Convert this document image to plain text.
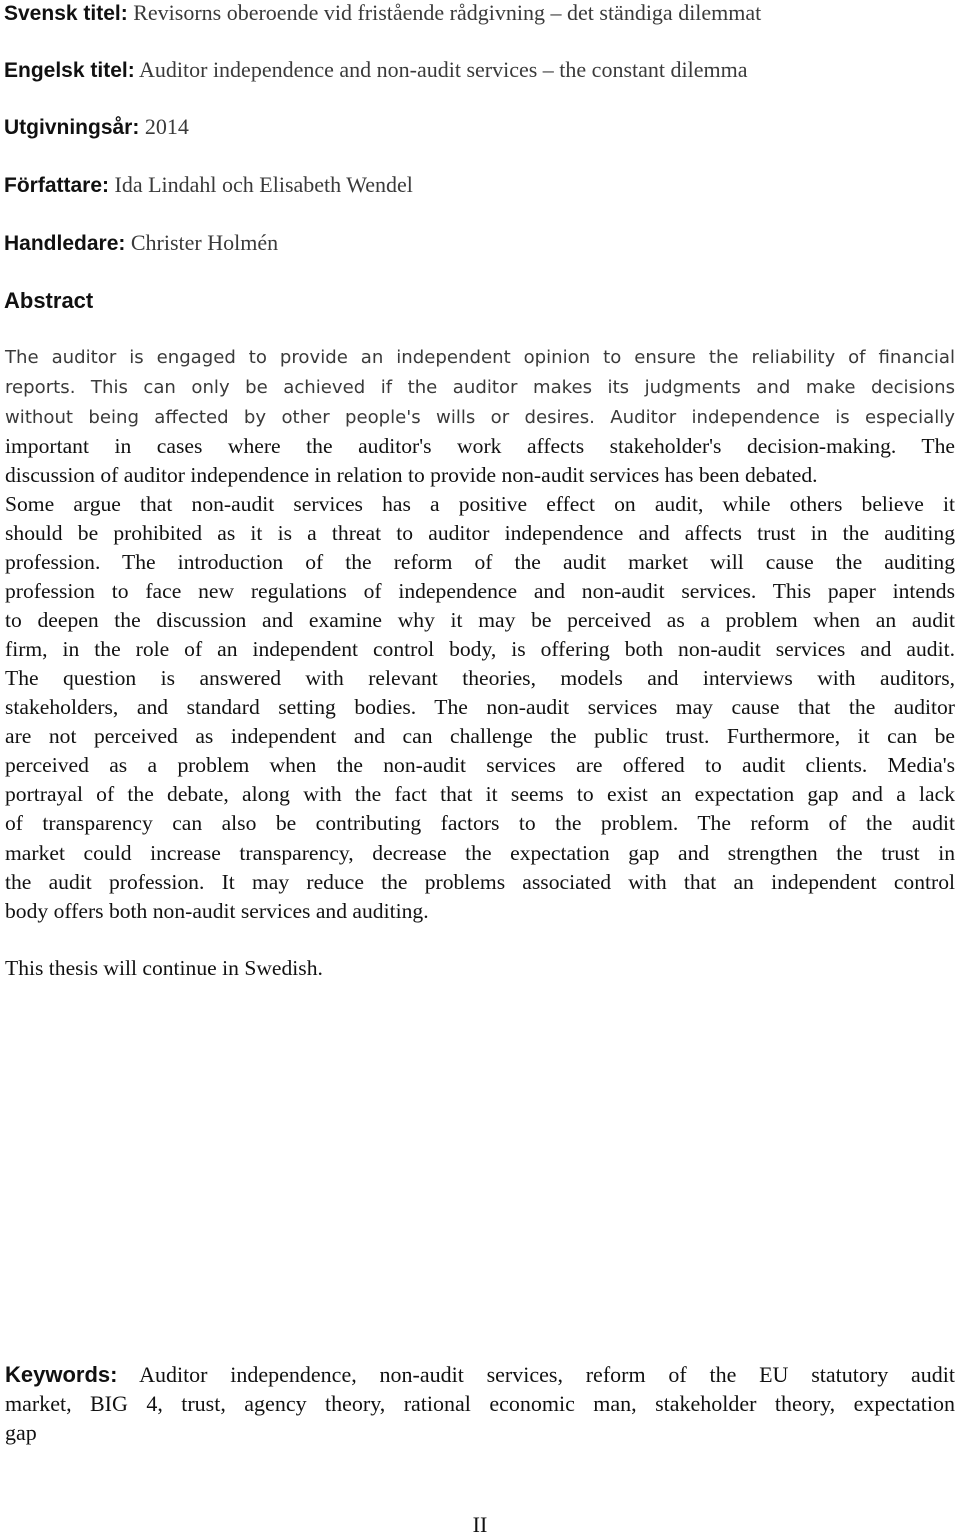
Svensk titel: Revisorns oberoende vid fristående rådgivning – det ständiga dilemmat
Engelsk titel: Auditor independence and non-audit services – the constant dilemma
Utgivningsår: 2014
Författare: Ida Lindahl och Elisabeth Wendel
Handledare: Christer Holmén
Abstract
The auditor is engaged to provide an independent opinion to ensure the reliability of financial
reports. This can only be achieved if the auditor makes its judgments and make decisions
without being affected by other people's wills or desires. Auditor independence is especially
important in cases where the auditor's work affects stakeholder's decision-making. The
discussion of auditor independence in relation to provide non-audit services has been debated.
Some argue that non-audit services has a positive effect on audit, while others believe it
should be prohibited as it is a threat to auditor independence and affects trust in the auditing
profession. The introduction of the reform of the audit market will cause the auditing
profession to face new regulations of independence and non-audit services. This paper intends
to deepen the discussion and examine why it may be perceived as a problem when an audit
firm, in the role of an independent control body, is offering both non-audit services and audit.
The question is answered with relevant theories, models and interviews with auditors,
stakeholders, and standard setting bodies. The non-audit services may cause that the auditor
are not perceived as independent and can challenge the public trust. Furthermore, it can be
perceived as a problem when the non-audit services are offered to audit clients. Media's
portrayal of the debate, along with the fact that it seems to exist an expectation gap and a lack
of transparency can also be contributing factors to the problem. The reform of the audit
market could increase transparency, decrease the expectation gap and strengthen the trust in
the audit profession. It may reduce the problems associated with that an independent control
body offers both non-audit services and auditing.
This thesis will continue in Swedish.
Keywords: Auditor independence, non-audit services, reform of the EU statutory audit
market, BIG 4, trust, agency theory, rational economic man, stakeholder theory, expectation
gap
II
